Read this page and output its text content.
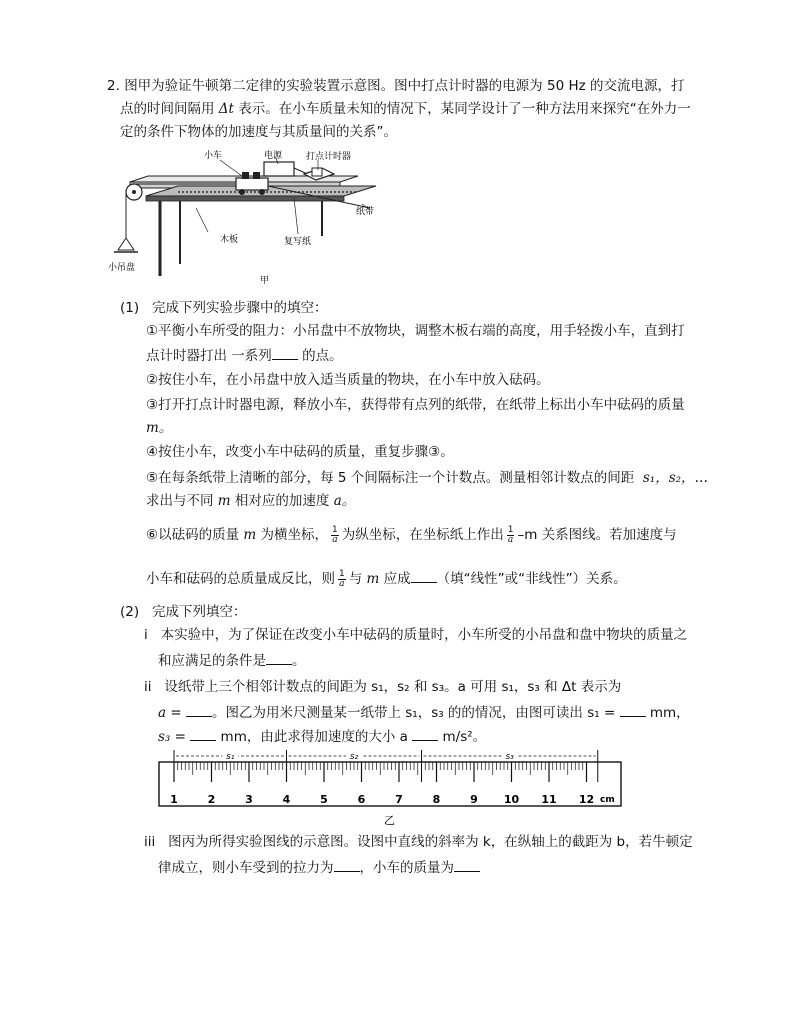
2. 图甲为验证牛顿第二定律的实验装置示意图。图中打点计时器的电源为 50 Hz 的交流电源，打
点的时间间隔用 Δt 表示。在小车质量未知的情况下，某同学设计了一种方法用来探究“在外力一
定的条件下物体的加速度与其质量间的关系”。
小车	电源	打点计时器
纸带
木板	复写纸
小吊盘
甲
(1) 完成下列实验步骤中的填空：
①平衡小车所受的阻力：小吊盘中不放物块，调整木板右端的高度，用手轻拨小车，直到打
点计时器打出 一系列 的点。
②按住小车，在小吊盘中放入适当质量的物块，在小车中放入砝码。
③打开打点计时器电源，释放小车，获得带有点列的纸带，在纸带上标出小车中砝码的质量
m。
④按住小车，改变小车中砝码的质量，重复步骤③。
⑤在每条纸带上清晰的部分，每 5 个间隔标注一个计数点。测量相邻计数点的间距 s₁，s₂，…
求出与不同 m 相对应的加速度 a。
⑥以砝码的质量 m 为横坐标， $\frac{1}{a}$ 为纵坐标，在坐标纸上作出 $\frac{1}{a} -m$ 关系图线。若加速度与
小车和砝码的总质量成反比，则 $\frac{1}{a}$ 与 m 应成 （填“线性”或“非线性”）关系。
(2) 完成下列填空：
i 本实验中，为了保证在改变小车中砝码的质量时，小车所受的小吊盘和盘中物块的质量之
和应满足的条件是 。
ii 设纸带上三个相邻计数点的间距为 s₁，s₂ 和 s₃。a 可用 s₁，s₃ 和 Δt 表示为
a = 。图乙为用米尺测量某一纸带上 s₁，s₃ 的的情况，由图可读出 s₁ =	mm，
s₃ =	mm，由此求得加速度的大小 a	m/s²。
1	2	3	4	5	6	7	8	9 10 11 12
s₁	s₂	s₃
cm
乙
iii 图丙为所得实验图线的示意图。设图中直线的斜率为 k，在纵轴上的截距为 b，若牛顿定
律成立，则小车受到的拉力为 ，小车的质量为
